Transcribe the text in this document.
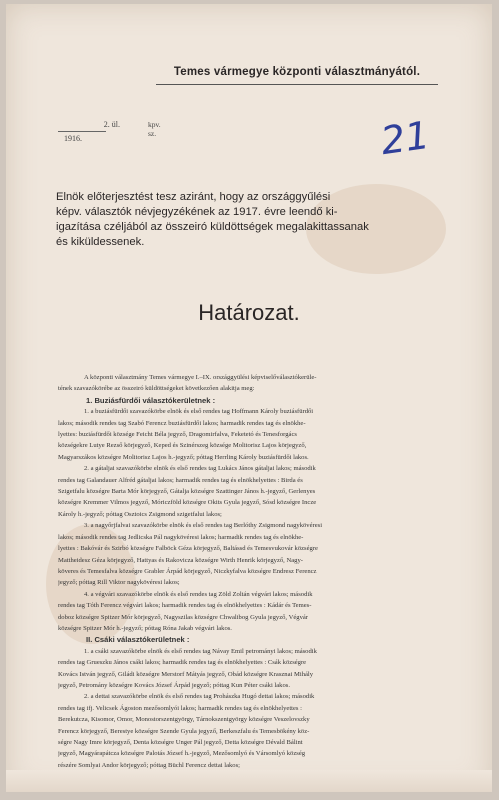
Temes vármegye központi választmányától.
2. ül.
1916.
kpv. sz.	21
Elnök előterjesztést tesz aziránt, hogy az országgyűlési
képv. választók névjegyzékének az 1917. évre leendő ki-
igazítása czéljából az összeiró küldöttségek megalakittassanak
és kiküldessenek.
Határozat.
A központi választmány Temes vármegye I.–IX. országgyülési képviselőválasztókerüle-
tének szavazókörébe az összeiró küldöttségeket következően alakitja meg:
1. Buziásfürdői választókerületnek :
1. a buziásfürdői szavazókörbe elnök és első rendes tag Hoffmann Károly buziásfürdői
lakos; második rendes tag Szabó Ferencz buziásfürdői lakos; harmadik rendes tag és elnökhe-
lyettes: buziásfürdői községe Feicht Béla jegyző, Dragomirfalva, Feketetó és Tenesforgács
községekre Lutye Rezső körjegyző, Keped és Szinérszeg községe Molitorisz Lajos körjegyző,
Magyarszákos községre Molitorisz Lajos h.-jegyző; póttag Herrling Károly buziásfürdői lakos.
2. a gátaljai szavazókörbe elnök és első rendes tag Lukács János gátaljai lakos; második
rendes tag Galandauer Alfréd gátaljai lakos; harmadik rendes tag és elnökhelyettes : Birda és
Szigetfalu községre Barta Mór körjegyző, Gátalja községre Szattinger János h.-jegyző, Gerlenyes
községre Kremmer Vilmos jegyző, Móriczföld községre Okits Gyula jegyző, Sósd községre Incze
Károly h.-jegyző; póttag Osztoics Zsigmond szigetfalui lakos;
3. a nagyőrjfalvai szavazókörbe elnök és első rendes tag Berlóthy Zsigmond nagykövéresi
lakos; második rendes tag Jedlicska Pál nagykövéresi lakos; harmadik rendes tag és elnökhe-
lyettes : Bakóvár és Szirbó községre Falböck Géza körjegyző, Baltássd és Temesvukovár községre
Mattheidesz Géza körjegyző, Hattyas és Rakovicza községre Wirth Henrik körjegyző, Nagy-
köveres és Temesfalva községre Grabler Árpád körjegyző, Niczkyfalva községre Endresz Ferencz
jegyző; póttag Rill Viktor nagykövéresi lakos;
4. a végvári szavazókörbe elnök és első rendes tag Zöld Zoltán végvári lakos; második
rendes tag Tóth Ferencz végvári lakos; harmadik rendes tag és elnökhelyettes : Kádár és Temes-
doboz községre Spitzer Mór körjegyző, Nagyszilas községre Chwalibog Gyula jegyző, Végvár
községre Spitzer Mór h.-jegyző; póttag Róna Jakab végvári lakos.
II. Csáki választókerületnek :
1. a csáki szavazókörbe elnök és első rendes tag Návay Emil petrományi lakos; második
rendes tag Grueszku János csáki lakos; harmadik rendes tag és elnökhelyettes : Csák községre
Kovács István jegyző, Giládi községre Merstorf Mátyás jegyző, Obád községre Krasznai Mihály
jegyző, Petromány községre Kovács József Árpád jegyző; póttag Kun Péter csáki lakos.
2. a dettai szavazókörbe elnök és első rendes tag Prohászka Hugó dettai lakos; második
rendes tag ifj. Velicsek Ágoston mezősomlyói lakos; harmadik rendes tag és elnökhelyettes :
Berekutcza, Kisomor, Omor, Monostorszentgyörgy, Tárnokszentgyörgy községre Veszelovszky
Ferencz körjegyző, Berestye községre Szende Gyula jegyző, Berkeszfalu és Temesbökény köz-
ségre Nagy Imre körjegyző, Denta községre Unger Pál jegyző, Detta községre Dévald Bálint
jegyző, Magyárapátcza községre Palotás József h.-jegyző, Mezősomlyó és Vársomlyó község
részére Somlyai Andor körjegyző; póttag Büchl Ferencz dettai lakos;
